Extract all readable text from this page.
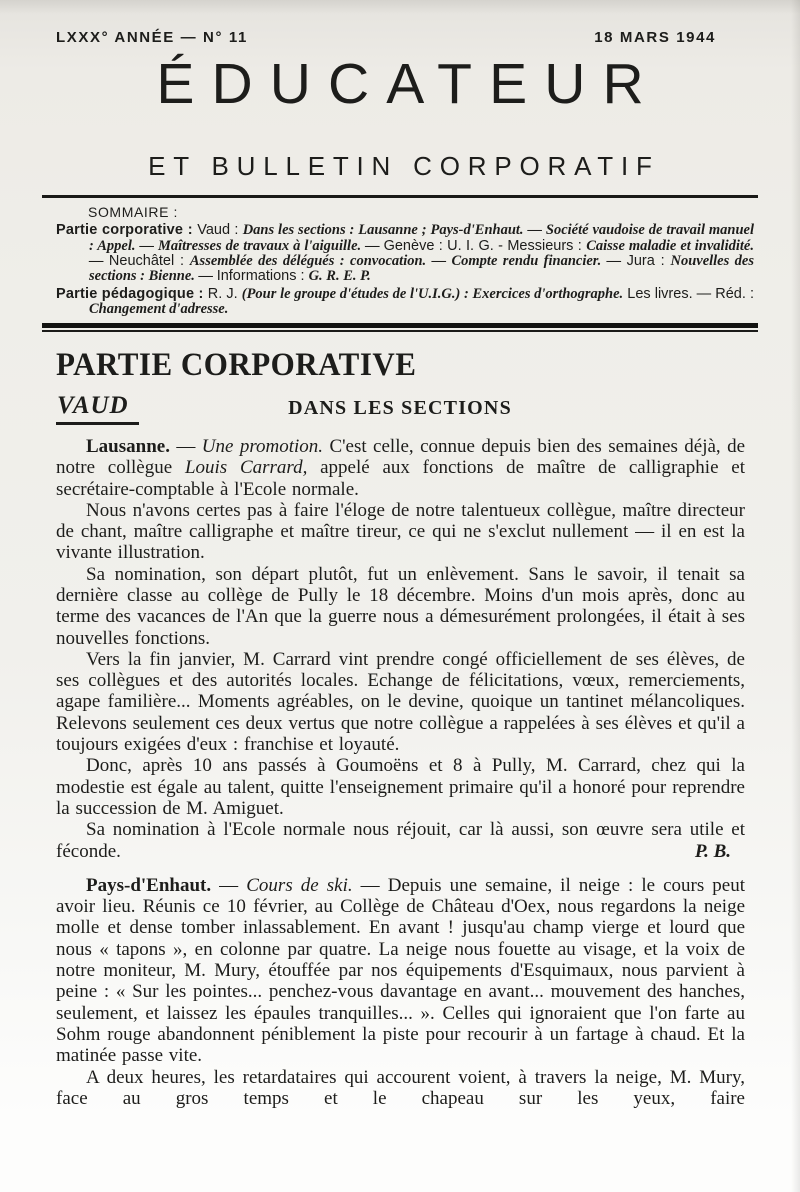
LXXX° ANNÉE — N° 11	18 MARS 1944
ÉDUCATEUR
ET BULLETIN CORPORATIF
SOMMAIRE :

Partie corporative : Vaud : Dans les sections : Lausanne ; Pays-d'Enhaut. — Société vaudoise de travail manuel : Appel. — Maîtresses de travaux à l'aiguille. — Genève : U. I. G. - Messieurs : Caisse maladie et invalidité. — Neuchâtel : Assemblée des délégués : convocation. — Compte rendu financier. — Jura : Nouvelles des sections : Bienne. — Informations : G. R. E. P.

Partie pédagogique : R. J. (Pour le groupe d'études de l'U.I.G.) : Exercices d'orthographe. Les livres. — Réd. : Changement d'adresse.

PARTIE CORPORATIVE
VAUD	DANS LES SECTIONS

Lausanne. — Une promotion. C'est celle, connue depuis bien des semaines déjà, de notre collègue Louis Carrard, appelé aux fonctions de maître de calligraphie et secrétaire-comptable à l'Ecole normale.

Nous n'avons certes pas à faire l'éloge de notre talentueux collègue, maître directeur de chant, maître calligraphe et maître tireur, ce qui ne s'exclut nullement — il en est la vivante illustration.

Sa nomination, son départ plutôt, fut un enlèvement. Sans le savoir, il tenait sa dernière classe au collège de Pully le 18 décembre. Moins d'un mois après, donc au terme des vacances de l'An que la guerre nous a démesurément prolongées, il était à ses nouvelles fonctions.

Vers la fin janvier, M. Carrard vint prendre congé officiellement de ses élèves, de ses collègues et des autorités locales. Echange de félicitations, vœux, remerciements, agape familière... Moments agréables, on le devine, quoique un tantinet mélancoliques. Relevons seulement ces deux vertus que notre collègue a rappelées à ses élèves et qu'il a toujours exigées d'eux : franchise et loyauté.

Donc, après 10 ans passés à Goumoëns et 8 à Pully, M. Carrard, chez qui la modestie est égale au talent, quitte l'enseignement primaire qu'il a honoré pour reprendre la succession de M. Amiguet.

Sa nomination à l'Ecole normale nous réjouit, car là aussi, son œuvre sera utile et féconde.	P. B.

Pays-d'Enhaut. — Cours de ski. — Depuis une semaine, il neige : le cours peut avoir lieu. Réunis ce 10 février, au Collège de Château d'Oex, nous regardons la neige molle et dense tomber inlassablement. En avant ! jusqu'au champ vierge et lourd que nous « tapons », en colonne par quatre. La neige nous fouette au visage, et la voix de notre moniteur, M. Mury, étouffée par nos équipements d'Esquimaux, nous parvient à peine : « Sur les pointes... penchez-vous davantage en avant... mouvement des hanches, seulement, et laissez les épaules tranquilles... ». Celles qui ignoraient que l'on farte au Sohm rouge abandonnent péniblement la piste pour recourir à un fartage à chaud. Et la matinée passe vite.

A deux heures, les retardataires qui accourent voient, à travers la neige, M. Mury, face au gros temps et le chapeau sur les yeux, faire
